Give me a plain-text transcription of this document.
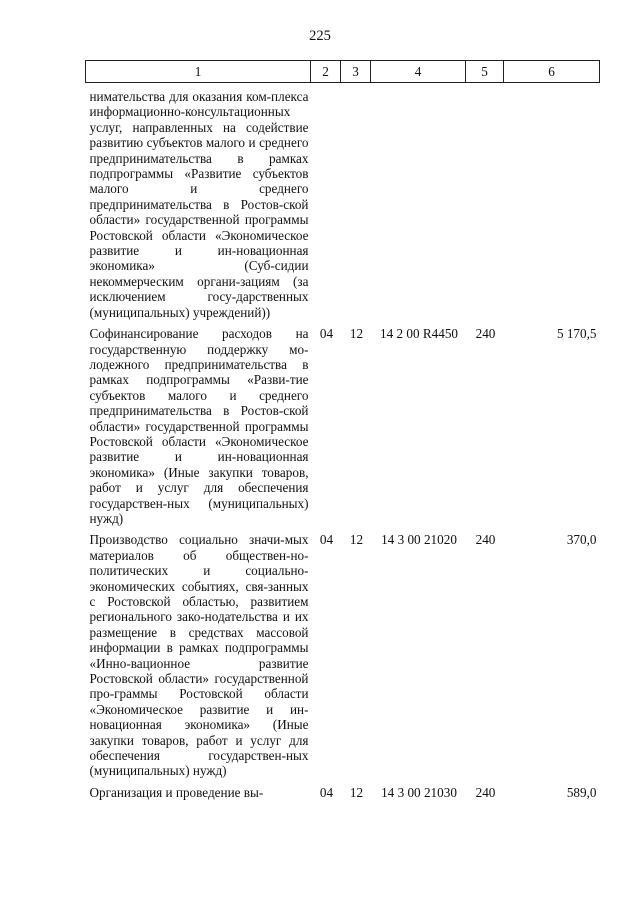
225
1	2	3	4	5	6
нимательства для оказания ком-плекса информационно-консультационных услуг, направленных на содействие развитию субъектов малого и среднего предпринимательства в рамках подпрограммы «Развитие субъектов малого и среднего предпринимательства в Ростов-ской области» государственной программы Ростовской области «Экономическое развитие и ин-новационная экономика» (Суб-сидии некоммерческим органи-зациям (за исключением госу-дарственных (муниципальных) учреждений))					
Софинансирование расходов на государственную поддержку мо-лодежного предпринимательства в рамках подпрограммы «Разви-тие субъектов малого и среднего предпринимательства в Ростов-ской области» государственной программы Ростовской области «Экономическое развитие и ин-новационная экономика» (Иные закупки товаров, работ и услуг для обеспечения государствен-ных (муниципальных) нужд)	04	12	14 2 00 R4450	240	5 170,5
Производство социально значи-мых материалов об обществен-но-политических и социально-экономических событиях, свя-занных с Ростовской областью, развитием регионального зако-нодательства и их размещение в средствах массовой информации в рамках подпрограммы «Инно-вационное развитие Ростовской области» государственной про-граммы Ростовской области «Экономическое развитие и ин-новационная экономика» (Иные закупки товаров, работ и услуг для обеспечения государствен-ных (муниципальных) нужд)	04	12	14 3 00 21020	240	370,0
Организация и проведение вы-	04	12	14 3 00 21030	240	589,0
